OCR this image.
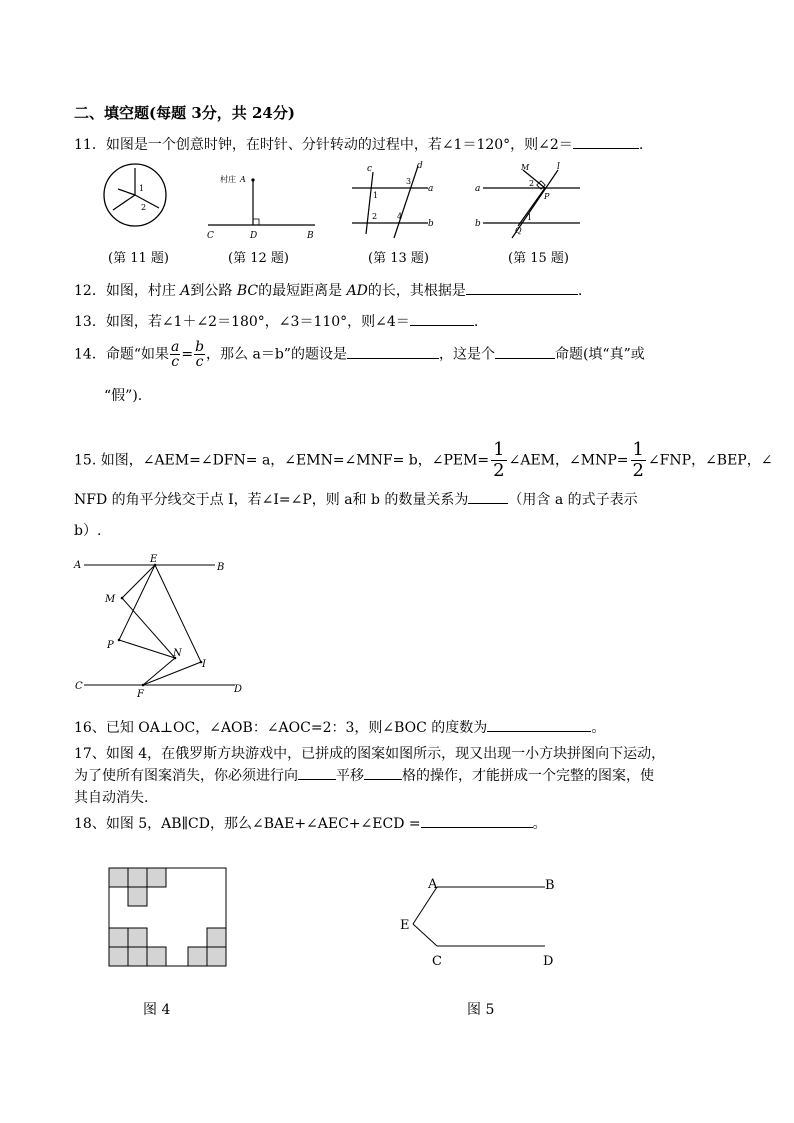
二、填空题(每题 3分，共 24分)
11．如图是一个创意时钟，在时针、分针转动的过程中，若∠1＝120°，则∠2＝	.
1
2
(第 11 题)
村庄 A
C	D	B
(第 12 题)
c	d
a
b
1
2
3
4
(第 13 题)
M	l
a
b
2
P
1
Q
(第 15 题)
12．如图，村庄 A到公路 BC的最短距离是 AD的长，其根据是	.
13．如图，若∠1＋∠2＝180°，∠3＝110°，则∠4＝	.
14．命题“如果 $\frac{a}{c} = \frac{b}{c}$ ，那么 a＝b”的题设是	，这是个	命题(填“真”或
“假”).
15. 如图，∠AEM=∠DFN= a，∠EMN=∠MNF= b，∠PEM= $\frac{1}{2}$ ∠AEM，∠MNP= $\frac{1}{2}$ ∠FNP，∠BEP，∠
NFD 的角平分线交于点 I，若∠I=∠P，则 a和 b 的数量关系为	（用含 a 的式子表示
b）.
A
E
B
M
P
N
I
C
F	D
16、已知 OA⊥OC，∠AOB：∠AOC=2：3，则∠BOC 的度数为	。
17、如图 4，在俄罗斯方块游戏中，已拼成的图案如图所示，现又出现一小方块拼图向下运动，
为了使所有图案消失，你必须进行向	平移	格的操作，才能拼成一个完整的图案，使
其自动消失.
18、如图 5，AB∥CD，那么∠BAE+∠AEC+∠ECD =	。
图 4
A	B
E
C	D
图 5
